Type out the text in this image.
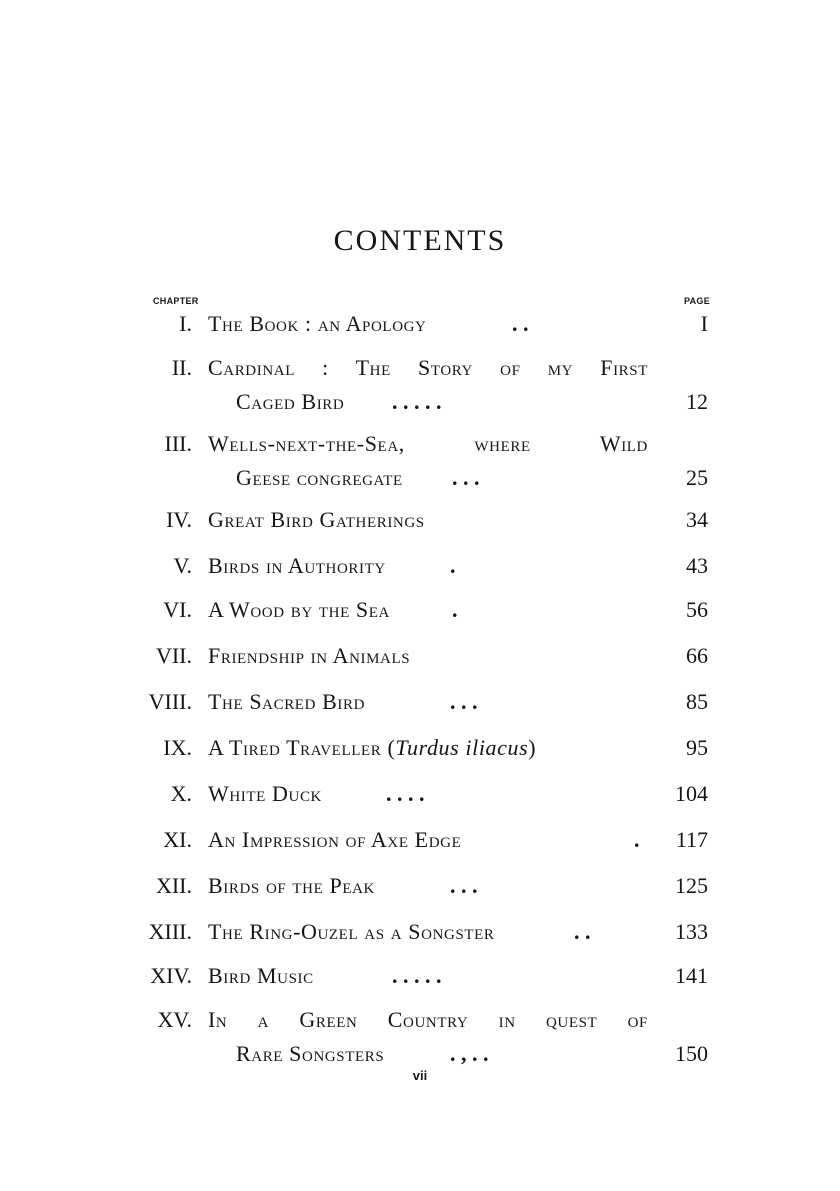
CONTENTS
CHAPTER	PAGE
I. The Book : an Apology	. .	I
II. Cardinal : The Story of my First
Caged Bird . . . . .	12
III. Wells-next-the-Sea, where Wild
Geese congregate . . .	25
IV. Great Bird Gatherings	34
V. Birds in Authority	.	43
VI. A Wood by the Sea	.	56
VII. Friendship in Animals	66
VIII. The Sacred Bird	. . .	85
IX. A Tired Traveller (Turdus iliacus)	95
X. White Duck	. . . .	104
XI. An Impression of Axe Edge	. 117
XII. Birds of the Peak	. . .	125
XIII. The Ring-Ouzel as a Songster	. .	133
XIV. Bird Music	. . . . .	141
XV. In a Green Country in quest of
Rare Songsters	. , . .	150
vii
